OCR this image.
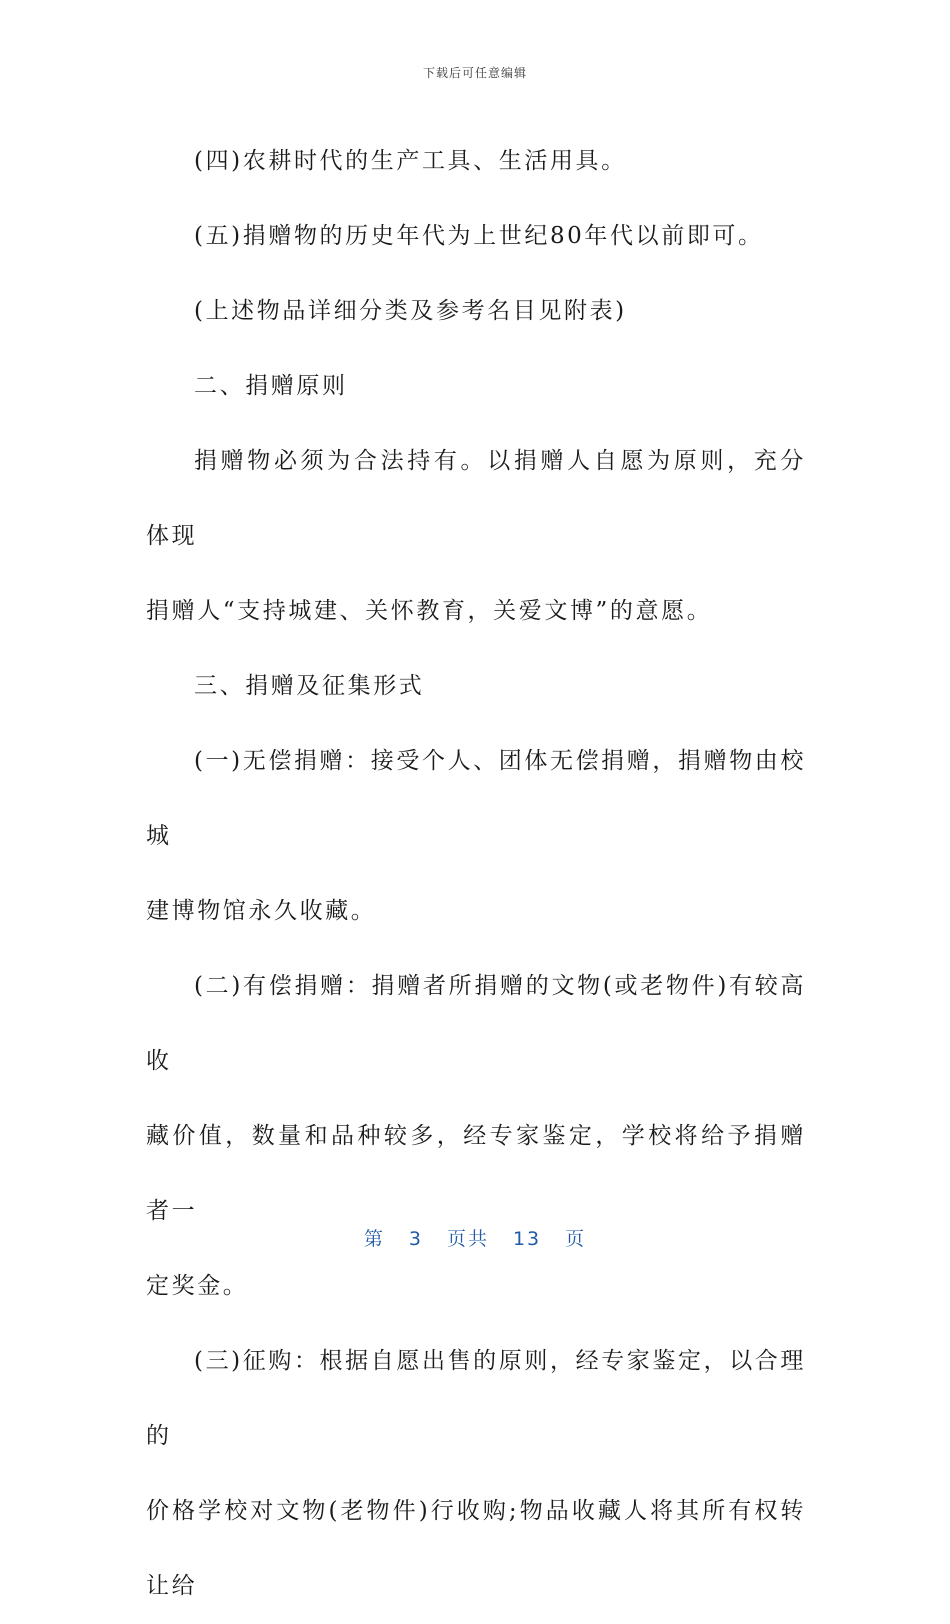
下载后可任意编辑

(四)农耕时代的生产工具、生活用具。

(五)捐赠物的历史年代为上世纪80年代以前即可。

(上述物品详细分类及参考名目见附表)

二、捐赠原则

捐赠物必须为合法持有。以捐赠人自愿为原则，充分体现
捐赠人“支持城建、关怀教育，关爱文博”的意愿。

三、捐赠及征集形式

(一)无偿捐赠：接受个人、团体无偿捐赠，捐赠物由校城
建博物馆永久收藏。

(二)有偿捐赠：捐赠者所捐赠的文物(或老物件)有较高收
藏价值，数量和品种较多，经专家鉴定，学校将给予捐赠者一
定奖金。

(三)征购：根据自愿出售的原则，经专家鉴定，以合理的
价格学校对文物(老物件)行收购;物品收藏人将其所有权转让给

第 3 页共 13 页
